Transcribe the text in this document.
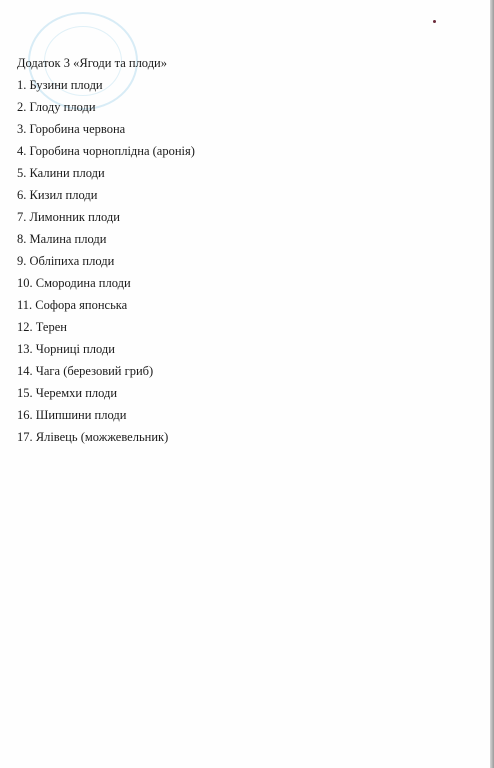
Додаток 3 «Ягоди та плоди»
1. Бузини плоди
2. Глоду плоди
3. Горобина червона
4. Горобина чорноплідна (аронія)
5. Калини плоди
6. Кизил плоди
7. Лимонник плоди
8. Малина плоди
9. Обліпиха плоди
10. Смородина плоди
11. Софора японська
12. Терен
13. Чорниці плоди
14. Чага (березовий гриб)
15. Черемхи плоди
16. Шипшини плоди
17. Ялівець (можжевельник)
